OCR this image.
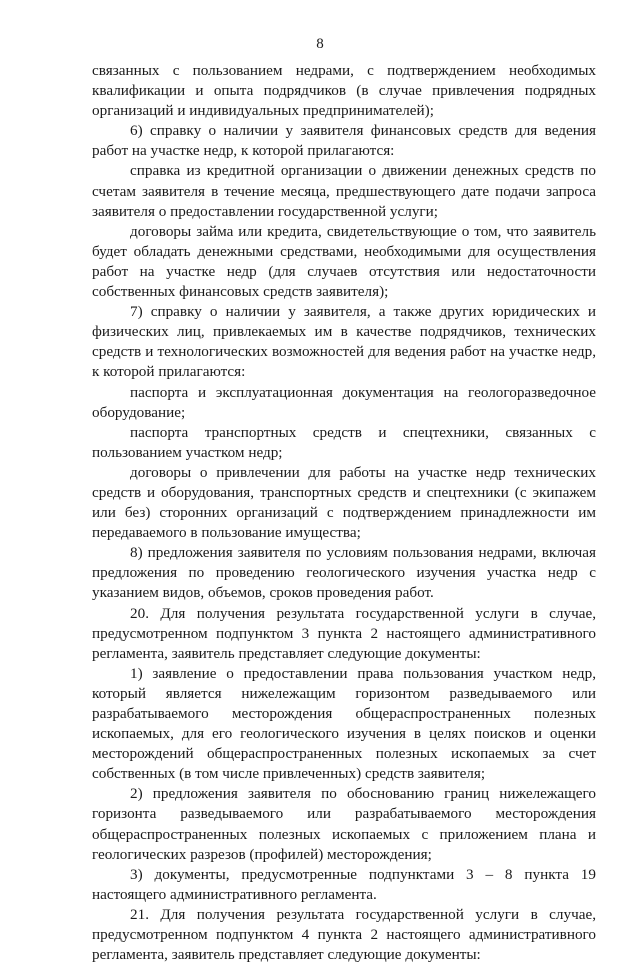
8

связанных с пользованием недрами, с подтверждением необходимых квалификации и опыта подрядчиков (в случае привлечения подрядных организаций и индивидуальных предпринимателей);

6) справку о наличии у заявителя финансовых средств для ведения работ на участке недр, к которой прилагаются:

справка из кредитной организации о движении денежных средств по счетам заявителя в течение месяца, предшествующего дате подачи запроса заявителя о предоставлении государственной услуги;

договоры займа или кредита, свидетельствующие о том, что заявитель будет обладать денежными средствами, необходимыми для осуществления работ на участке недр (для случаев отсутствия или недостаточности собственных финансовых средств заявителя);

7) справку о наличии у заявителя, а также других юридических и физических лиц, привлекаемых им в качестве подрядчиков, технических средств и технологических возможностей для ведения работ на участке недр, к которой прилагаются:

паспорта и эксплуатационная документация на геологоразведочное оборудование;

паспорта транспортных средств и спецтехники, связанных с пользованием участком недр;

договоры о привлечении для работы на участке недр технических средств и оборудования, транспортных средств и спецтехники (с экипажем или без) сторонних организаций с подтверждением принадлежности им передаваемого в пользование имущества;

8) предложения заявителя по условиям пользования недрами, включая предложения по проведению геологического изучения участка недр с указанием видов, объемов, сроков проведения работ.

20. Для получения результата государственной услуги в случае, предусмотренном подпунктом 3 пункта 2 настоящего административного регламента, заявитель представляет следующие документы:

1) заявление о предоставлении права пользования участком недр, который является нижележащим горизонтом разведываемого или разрабатываемого месторождения общераспространенных полезных ископаемых, для его геологического изучения в целях поисков и оценки месторождений общераспространенных полезных ископаемых за счет собственных (в том числе привлеченных) средств заявителя;

2) предложения заявителя по обоснованию границ нижележащего горизонта разведываемого или разрабатываемого месторождения общераспространенных полезных ископаемых с приложением плана и геологических разрезов (профилей) месторождения;

3) документы, предусмотренные подпунктами 3 – 8 пункта 19 настоящего административного регламента.

21. Для получения результата государственной услуги в случае, предусмотренном подпунктом 4 пункта 2 настоящего административного регламента, заявитель представляет следующие документы:
